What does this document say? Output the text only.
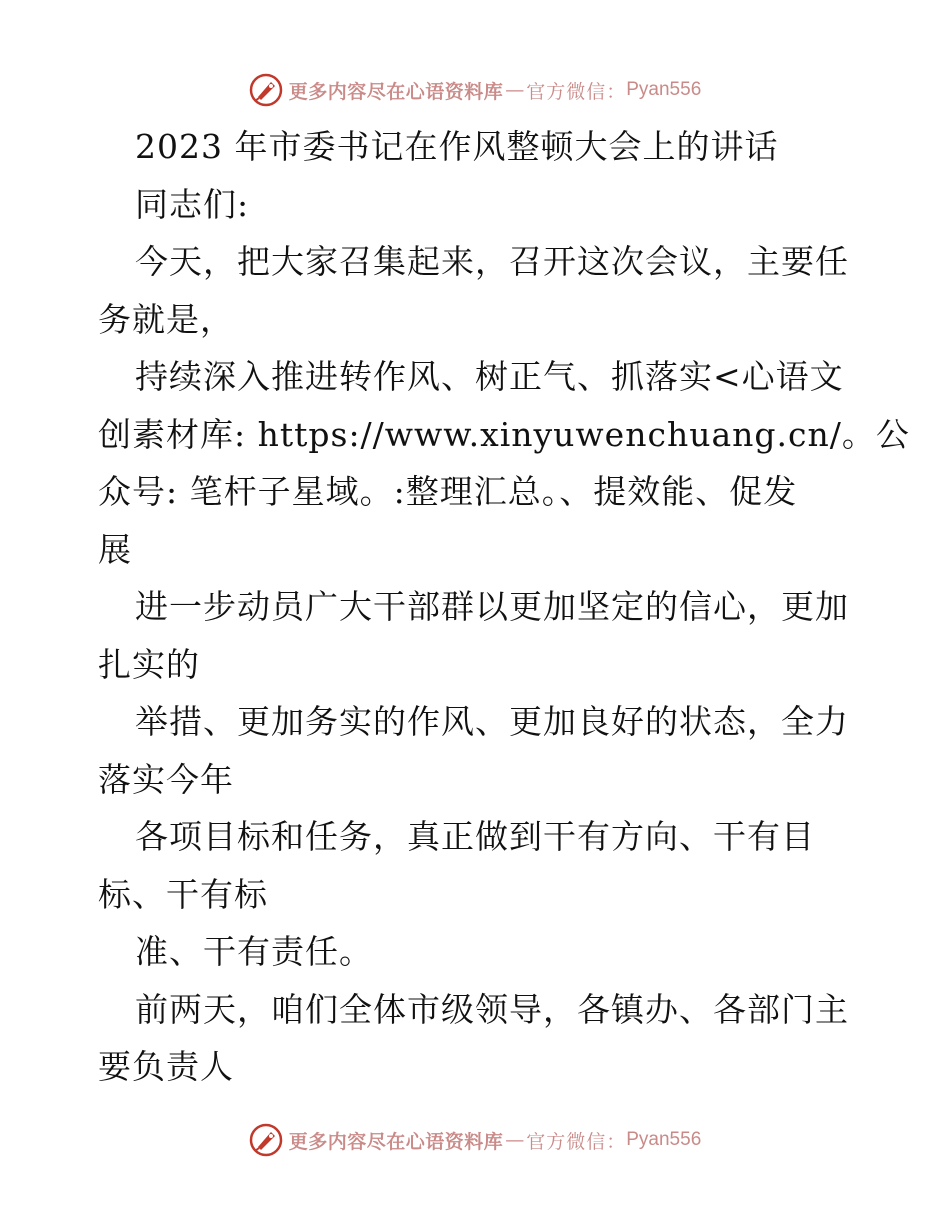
更多内容尽在心语资料库 — 官方微信： Pyan556
2023 年市委书记在作风整顿大会上的讲话
同志们:
今天，把大家召集起来，召开这次会议，主要任
务就是，
持续深入推进转作风、树正气、抓落实<心语文
创素材库: https://www.xinyuwenchuang.cn/。公
众号: 笔杆子星域。:整理汇总。、提效能、促发
展
进一步动员广大干部群以更加坚定的信心，更加
扎实的
举措、更加务实的作风、更加良好的状态，全力
落实今年
各项目标和任务，真正做到干有方向、干有目
标、干有标
准、干有责任。
前两天，咱们全体市级领导，各镇办、各部门主
要负责人
更多内容尽在心语资料库 — 官方微信： Pyan556
